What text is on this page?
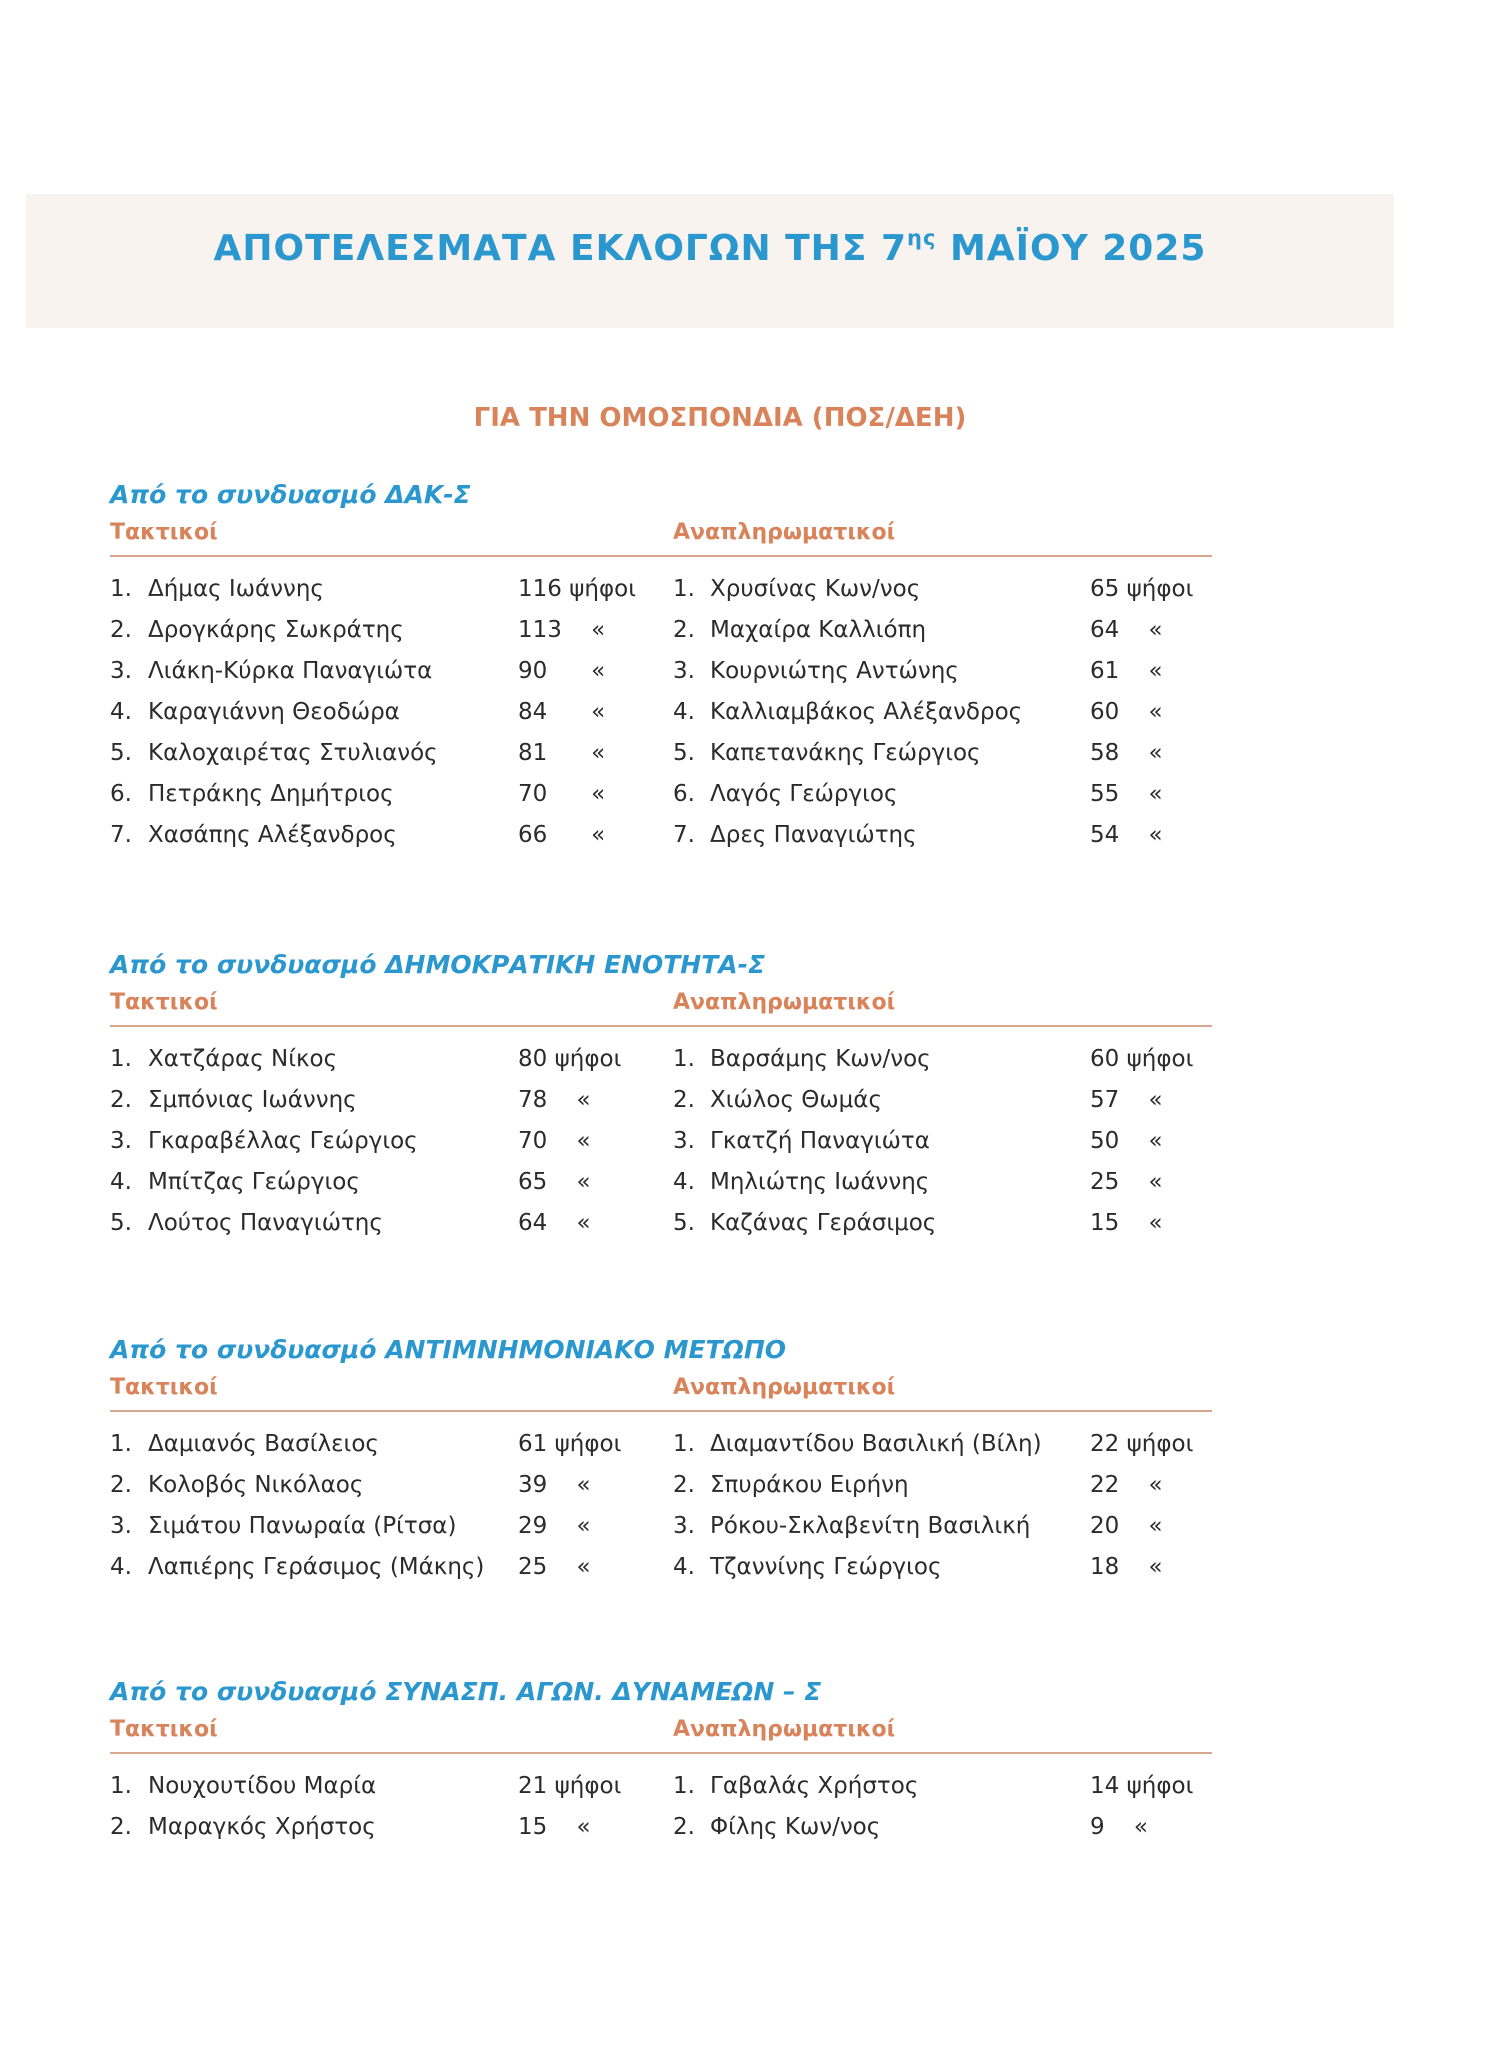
ΑΠΟΤΕΛΕΣΜΑΤΑ ΕΚΛΟΓΩΝ ΤΗΣ $7^{\eta\varsigma}$ ΜΑΪΟΥ 2025
ΓΙΑ ΤΗΝ ΟΜΟΣΠΟΝΔΙΑ (ΠΟΣ/ΔΕΗ)
Από το συνδυασμό ΔΑΚ-Σ
Τακτικοί	Αναπληρωματικοί
1. Δήμας Ιωάννης	116 ψήφοι 1. Χρυσίνας Κων/νος	65 ψήφοι
2. Δρογκάρης Σωκράτης	113    «	2. Μαχαίρα Καλλιόπη	64    «
3. Λιάκη-Κύρκα Παναγιώτα	90      «	3. Κουρνιώτης Αντώνης	61    «
4. Καραγιάννη Θεοδώρα	84      «	4. Καλλιαμβάκος Αλέξανδρος	60    «
5. Καλοχαιρέτας Στυλιανός	81      «	5. Καπετανάκης Γεώργιος	58    «
6. Πετράκης Δημήτριος	70      «	6. Λαγός Γεώργιος	55    «
7. Χασάπης Αλέξανδρος	66      «	7. Δρες Παναγιώτης	54    «
Από το συνδυασμό ΔΗΜΟΚΡΑΤΙΚΗ ΕΝΟΤΗΤΑ-Σ
Τακτικοί	Αναπληρωματικοί
1. Χατζάρας Νίκος	80 ψήφοι 1. Βαρσάμης Κων/νος	60 ψήφοι
2. Σμπόνιας Ιωάννης	78    «	2. Χιώλος Θωμάς	57    «
3. Γκαραβέλλας Γεώργιος	70    «	3. Γκατζή Παναγιώτα	50    «
4. Μπίτζας Γεώργιος	65    «	4. Μηλιώτης Ιωάννης	25    «
5. Λούτος Παναγιώτης	64    «	5. Καζάνας Γεράσιμος	15    «
Από το συνδυασμό ΑΝΤΙΜΝΗΜΟΝΙΑΚΟ ΜΕΤΩΠΟ
Τακτικοί	Αναπληρωματικοί
1. Δαμιανός Βασίλειος	61 ψήφοι 1. Διαμαντίδου Βασιλική (Βίλη) 22 ψήφοι
2. Κολοβός Νικόλαος	39    «	2. Σπυράκου Ειρήνη	22    «
3. Σιμάτου Πανωραία (Ρίτσα)	29    «	3. Ρόκου-Σκλαβενίτη Βασιλική	20    «
4. Λαπιέρης Γεράσιμος (Μάκης) 25    «	4. Τζαννίνης Γεώργιος	18    «
Από το συνδυασμό ΣΥΝΑΣΠ. ΑΓΩΝ. ΔΥΝΑΜΕΩΝ – Σ
Τακτικοί	Αναπληρωματικοί
1. Νουχουτίδου Μαρία	21 ψήφοι 1. Γαβαλάς Χρήστος	14 ψήφοι
2. Μαραγκός Χρήστος	15    «	2. Φίλης Κων/νος	9    «
